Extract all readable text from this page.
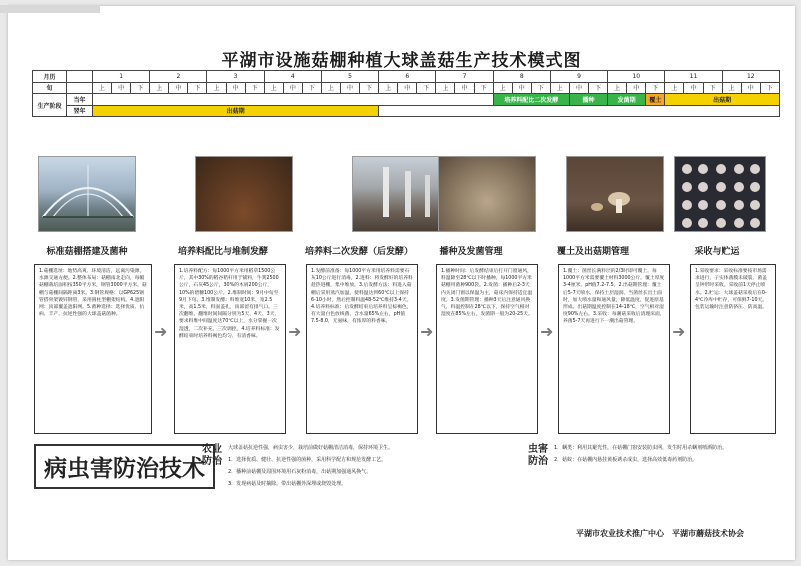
平湖市设施菇棚种植大球盖菇生产技术模式图
月历		1			2			3			4			5			6			7			8			9			10			11			12		
旬		上	中	下	上	中	下	上	中	下	上	中	下	上	中	下	上	中	下	上	中	下	上	中	下	上	中	下	上	中	下	上	中	下	上	中	下
生产阶段	当年																						培养料配比二次发酵				播种		发菌期		覆土	出菇期					
	翌年	出菇期																																			
标准菇棚搭建及菌种	培养料配比与堆制发酵	培养料二次发酵（后发酵）	播种及发菌管理	覆土及出菇期管理	采收与贮运
1.菇棚选址：地势高爽、环境清洁，远离污染源，水源交通方便。2.整体布局：菇棚南北走向，每幅菇棚栽培面积按350平方米，钢管3000平方米，菇棚与菇棚间隔距离3米。3.钢管规格：以GP625钢管搭骨架镀锌钢管，采用圆柱型棚架结构。4.遮阳网：顶部覆盖遮阳网。5.菌种选择：选择优质、抗病、丰产、抗逆性强的大球盖菇菌种。
➜
1.培养料配方：每1000平方米用稻草1500公斤，其中30%的稻谷秸秆用于铺料，牛粪2500公斤，石灰45公斤，30%的木屑200公斤，10%的碧糠100公斤。2.堆制时间：9月中旬至9月下旬。3.堆制发酵：料堆宽10米，宽2.5米，高1.5米，料面盖孔，顶部留有排气口。三次翻堆，翻堆时间间隔分别为5天、4天、3天，要求料堆中间温度达70℃以上，水分掌握一次湿透，二次补充，三次调控。4.培养料标准：发酵结束时培养料褐色均匀、有清香味。	➜
1.发酵前准备：每1000平方米用培养料需要石灰10公斤进行消毒。2.进料：将发酵好的培养料趁热进棚，集中堆放。3.后发酵方法：料进入菇棚后采用蒸汽加温，使料温达到60℃以上保持6-10小时，然后控制料温48-52℃维持3-4天。4.培养料标准：后发酵结束后培养料呈棕褐色，有大量白色放线菌，含水量65%左右，pH值7.5-8.0，无氨味，有浓厚的料香味。
➜
1.播种时间：后发酵结束后打开门窗通风，料温降至28℃以下时播种。每1000平方米菇棚用菌种900袋。2.发菌：播种后2-3天内关闭门窗以保温为主，菇床内保持适宜温度。3.发菌期管理：播种3天后注意通风换气，料温控制在28℃以下，保持空气相对湿度在85%左右，发菌期一般为20-25天。
➜
1.覆土：菌丝长满料层的2/3时即可覆土。每1000平方米需要覆土材料3000公斤。覆土厚度3-4厘米，pH值7.2-7.5。2.出菇期管理：覆土后5-7天喷水，保持土层湿润。当菌丝长出土面时，加大喷水量和通风量，降低温度，促进原基形成。出菇期温度控制在14-18℃，空气相对湿度90%左右。3.采收：每潮菇采收后清理床面，养菌5-7天再进行下一潮出菇管理。
➜
1.采收要求：采收标准要按市场需求进行，子实体菌膜未破裂、菌盖呈钟形时采收。采收前1天停止喷水。2.贮运：大球盖菇采收后在0-4℃冷库中贮存，可保鲜7-10天。包装运输时注意防挤压、防高温。
病虫害防治技术
农业防治
大球盖菇抗逆性强，病虫害少，栽培前做好菇棚清洁消毒，保持环境卫生。
1．选择优质、健壮、抗逆性强的菌种，采用科学配方和规范发酵工艺。
2．播种前菇棚及周围环境用石灰粉消毒，出菇期加强通风换气。
3．发现病菇及时摘除，带出菇棚外深埋或烧毁处理。
虫害防治
1．螨类：利用其避光性，在菇棚门窗安装防虫网，发生时用杀螨剂喷洒防治。
2．菇蚊：在菇棚内悬挂黄板诱杀成虫，选择高效低毒药剂防治。
平湖市农业技术推广中心　平湖市蘑菇技术协会
